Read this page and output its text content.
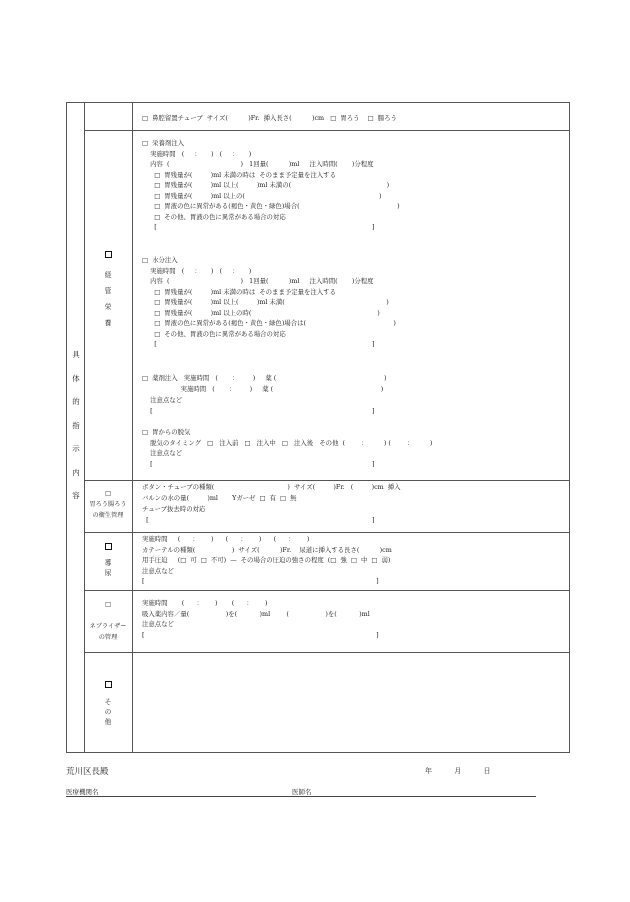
具
体
的
指
示
内
容
経
管
栄
養
□  鼻腔留置チューブ  サイズ(          )Fr.  挿入長さ(          )cm   □  胃ろう    □  腸ろう
□  栄養剤注入
実施時間   (     ：     )   (     ：     )
内容  (                                   )   1回量(          )ml     注入時間(       )分程度
□  胃残量が(         )ml 未満の時は  そのまま予定量を注入する
□  胃残量が(         )ml 以上(         )ml 未満の(                                               )
□  胃残量が(         )ml 以上の(                                                                  )
□  胃液の色に異常がある(褐色・黄色・緑色)場合(                                                )
□  その他、胃液の色に異常がある場合の対応
[                                                                                                          ]
□  水分注入
実施時間   (     ：     )   (     ：     )
内容  (                                   )   1回量(          )ml     注入時間(       )分程度
□  胃残量が(         )ml 未満の時は  そのまま予定量を注入する
□  胃残量が(         )ml 以上(         )ml 未満(                                                  )
□  胃残量が(         )ml 以上の時(                                                              )
□  胃液の色に異常がある(褐色・黄色・緑色)場合は(                                           )
□  その他、胃液の色に異常がある場合の対応
[                                                                                                          ]
□  薬剤注入   実施時間   (       ：       )     薬 (                                                     )
実施時間   (       ：       )     薬 (                                                     )
注意点など
[                                                                                                            ]
□  胃からの脱気
脱気のタイミング   □   注入前   □   注入中   □   注入後   その他  (        ：        ) (        ：        )
注意点など
[                                                                                                            ]
□
胃ろう腸ろう
の衛生管理
ボタン・チューブの種類(                                    )  サイズ(         )Fr.   (         )cm  挿入
バルンの水の量(         )ml       Yガーゼ  □  有  □  無
チューブ抜去時の対応
[                                                                                                              ]
導
尿
実施時間     (      ：      )      (      ：      )      (      ：      )
カテーテルの種類(                  )  サイズ(          )Fr.    尿道に挿入する長さ(          )cm
用手圧迫     (□  可  □  不可)  —  その場合の圧迫の強さの程度  (□  強  □  中  □  弱)
注意点など
[                                                                                                                  ]
□

ネブライザー
の管理
実施時間       (      ：      )       (      ：      )
吸入薬内容／量(                  )を(           )ml        (                  )を(           )ml
注意点など
[                                                                                                                  ]
そ
の
他
荒川区長殿	年          月          日
医療機関名	医師名
